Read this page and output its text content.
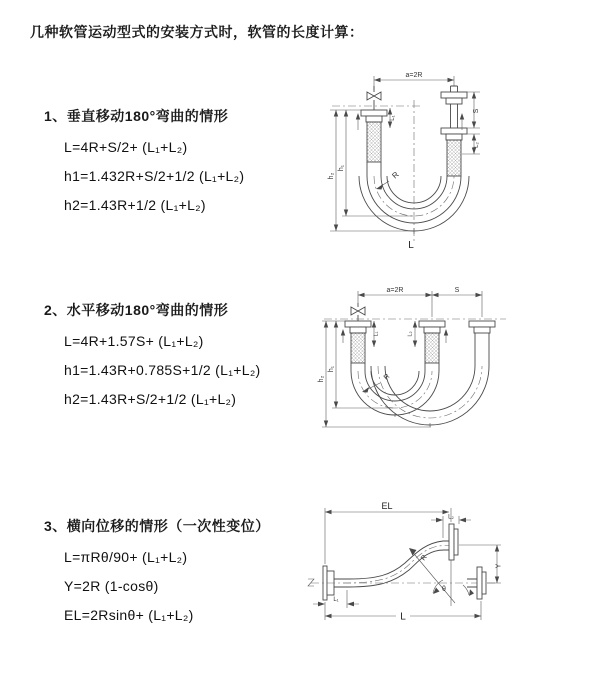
几种软管运动型式的安装方式时，软管的长度计算：
1、垂直移动180°弯曲的情形
L=4R+S/2+ (L₁+L₂)
h1=1.432R+S/2+1/2 (L₁+L₂)
h2=1.43R+1/2 (L₁+L₂)
2、水平移动180°弯曲的情形
L=4R+1.57S+ (L₁+L₂)
h1=1.43R+0.785S+1/2 (L₁+L₂)
h2=1.43R+S/2+1/2 (L₁+L₂)
3、横向位移的情形（一次性变位）
L=πRθ/90+ (L₁+L₂)
Y=2R (1-cosθ)
EL=2Rsinθ+ (L₁+L₂)
a=2R
L
h₂
h₁
L₁
R
S
L₂
a=2R	S
L₁	L₂
h₂
h₁
R
EL
L₂
Y
L
L₁
R
θ
